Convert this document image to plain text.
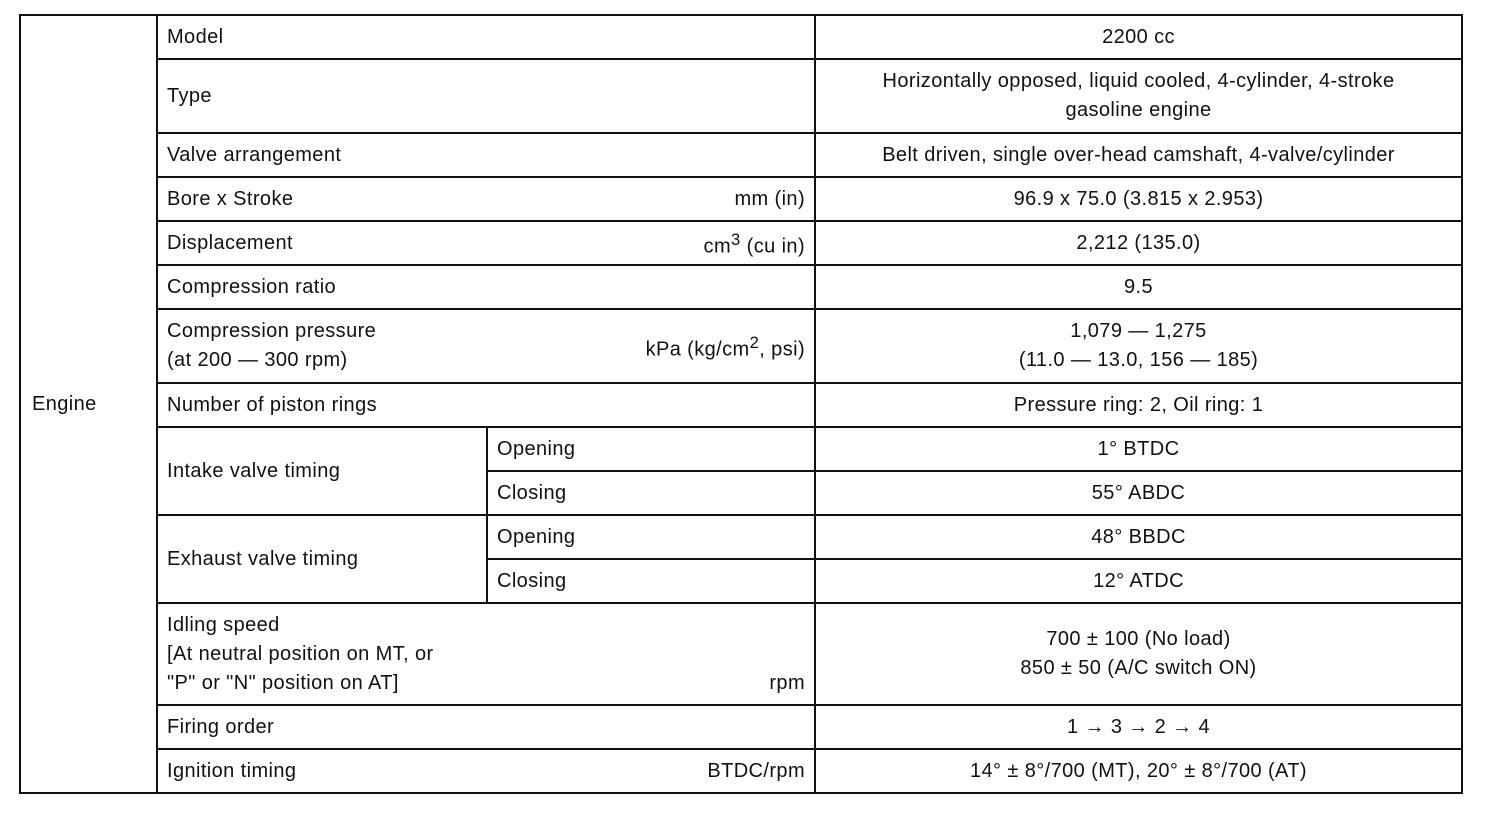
Engine	Model		2200 cc
	Type		Horizontally opposed, liquid cooled, 4-cylinder, 4-stroke
gasoline engine

	Valve arrangement		Belt driven, single over-head camshaft, 4-valve/cylinder

	Bore x Stroke mm (in)		96.9 x 75.0 (3.815 x 2.953)

	Displacement $cm^3$ (cu in)		2,212 (135.0)
	Compression ratio		9.5

	Compression pressure
(at 200 — 300 rpm) kPa ($kg/cm^2$, psi)		1,079 — 1,275
(11.0 — 13.0, 156 — 185)

	Number of piston rings		Pressure ring: 2, Oil ring: 1
	Intake valve timing	Opening	1° BTDC
		Closing	55° ABDC
	Exhaust valve timing	Opening	48° BBDC
		Closing	12° ATDC

	Idling speed
[At neutral position on MT, or
"P" or "N" position on AT] rpm		700 ± 100 (No load)
850 ± 50 (A/C switch ON)

	Firing order		1 → 3 → 2 → 4

	Ignition timing BTDC/rpm		14° ± 8°/700 (MT), 20° ± 8°/700 (AT)
